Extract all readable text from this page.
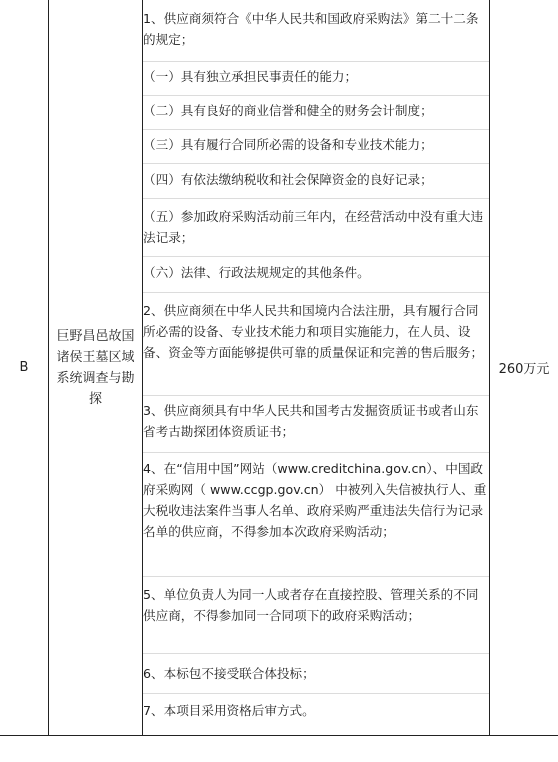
B
巨野昌邑故国诸侯王墓区域系统调查与勘探
1、供应商须符合《中华人民共和国政府采购法》第二十二条的规定；
（一）具有独立承担民事责任的能力；
（二）具有良好的商业信誉和健全的财务会计制度；
（三）具有履行合同所必需的设备和专业技术能力；
（四）有依法缴纳税收和社会保障资金的良好记录；
（五）参加政府采购活动前三年内，在经营活动中没有重大违法记录；
（六）法律、行政法规规定的其他条件。
2、供应商须在中华人民共和国境内合法注册，具有履行合同所必需的设备、专业技术能力和项目实施能力，在人员、设备、资金等方面能够提供可靠的质量保证和完善的售后服务；
3、供应商须具有中华人民共和国考古发掘资质证书或者山东省考古勘探团体资质证书；
4、在“信用中国”网站（www.creditchina.gov.cn）、中国政府采购网（ www.ccgp.gov.cn） 中被列入失信被执行人、重大税收违法案件当事人名单、政府采购严重违法失信行为记录名单的供应商，不得参加本次政府采购活动；
5、单位负责人为同一人或者存在直接控股、管理关系的不同供应商，不得参加同一合同项下的政府采购活动；
6、本标包不接受联合体投标；
7、本项目采用资格后审方式。
260万元
